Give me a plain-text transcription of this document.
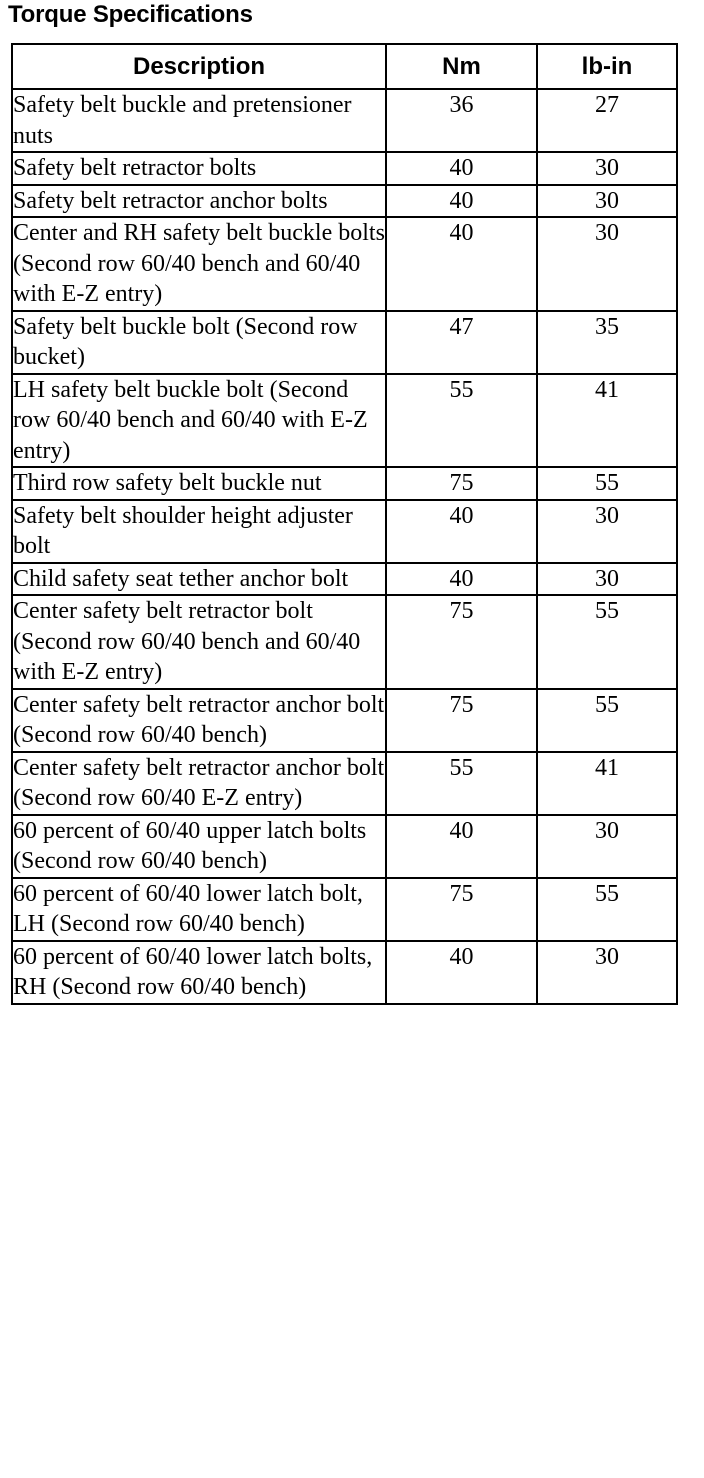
Torque Specifications
Description	Nm	lb-in
Safety belt buckle and pretensioner nuts	36	27
Safety belt retractor bolts	40	30
Safety belt retractor anchor bolts	40	30
Center and RH safety belt buckle bolts (Second row 60/40 bench and 60/40 with E-Z entry)	40	30
Safety belt buckle bolt (Second row bucket)	47	35
LH safety belt buckle bolt (Second row 60/40 bench and 60/40 with E-Z entry)	55	41
Third row safety belt buckle nut	75	55
Safety belt shoulder height adjuster bolt	40	30
Child safety seat tether anchor bolt	40	30
Center safety belt retractor bolt (Second row 60/40 bench and 60/40 with E-Z entry)	75	55
Center safety belt retractor anchor bolt (Second row 60/40 bench)	75	55
Center safety belt retractor anchor bolt (Second row 60/40 E-Z entry)	55	41
60 percent of 60/40 upper latch bolts (Second row 60/40 bench)	40	30
60 percent of 60/40 lower latch bolt, LH (Second row 60/40 bench)	75	55
60 percent of 60/40 lower latch bolts, RH (Second row 60/40 bench)	40	30
